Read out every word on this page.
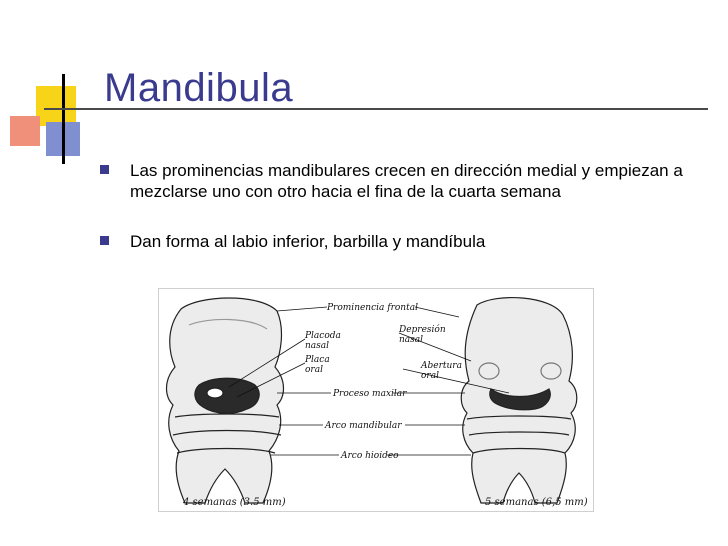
Mandibula
Las prominencias mandibulares crecen en dirección medial y empiezan a mezclarse uno con otro hacia el fina de la cuarta semana
Dan forma al labio inferior, barbilla y mandíbula
Prominencia frontal
Placoda
nasal
Placa
oral
Depresión
nasal
Abertura
oral
Proceso maxilar
Arco mandibular
Arco hioideo
4 semanas (3.5 mm)	5 semanas (6,5 mm)
